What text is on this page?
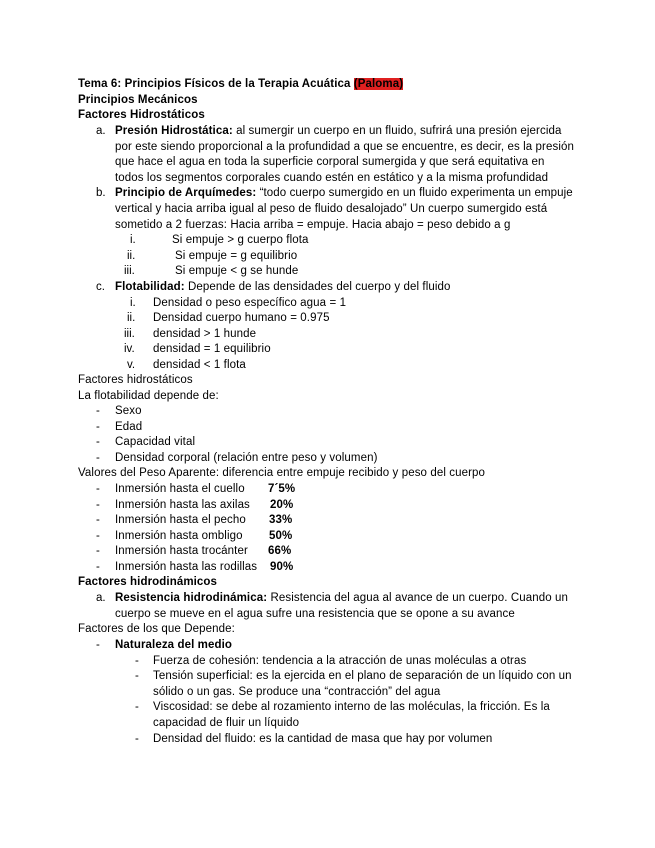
Tema 6: Principios Físicos de la Terapia Acuática (Paloma)
Principios Mecánicos
Factores Hidrostáticos
a. Presión Hidrostática: al sumergir un cuerpo en un fluido, sufrirá una presión ejercida
por este siendo proporcional a la profundidad a que se encuentre, es decir, es la presión
que hace el agua en toda la superficie corporal sumergida y que será equitativa en
todos los segmentos corporales cuando estén en estático y a la misma profundidad
b. Principio de Arquímedes: “todo cuerpo sumergido en un fluido experimenta un empuje
vertical y hacia arriba igual al peso de fluido desalojado” Un cuerpo sumergido está
sometido a 2 fuerzas: Hacia arriba = empuje. Hacia abajo = peso debido a g
i.	Si empuje > g cuerpo flota
ii.	Si empuje = g equilibrio
iii.	Si empuje < g se hunde
c. Flotabilidad: Depende de las densidades del cuerpo y del fluido
i. Densidad o peso específico agua = 1
ii. Densidad cuerpo humano = 0.975
iii. densidad > 1 hunde
iv. densidad = 1 equilibrio
v. densidad < 1 flota
Factores hidrostáticos
La flotabilidad depende de:
- Sexo
- Edad
- Capacidad vital
- Densidad corporal (relación entre peso y volumen)
Valores del Peso Aparente: diferencia entre empuje recibido y peso del cuerpo
- Inmersión hasta el cuello 7´5%
- Inmersión hasta las axilas 20%
- Inmersión hasta el pecho 33%
- Inmersión hasta ombligo 50%
- Inmersión hasta trocánter 66%
- Inmersión hasta las rodillas 90%
Factores hidrodinámicos
a. Resistencia hidrodinámica: Resistencia del agua al avance de un cuerpo. Cuando un
cuerpo se mueve en el agua sufre una resistencia que se opone a su avance
Factores de los que Depende:
- Naturaleza del medio
- Fuerza de cohesión: tendencia a la atracción de unas moléculas a otras
- Tensión superficial: es la ejercida en el plano de separación de un líquido con un
sólido o un gas. Se produce una “contracción” del agua
- Viscosidad: se debe al rozamiento interno de las moléculas, la fricción. Es la
capacidad de fluir un líquido
- Densidad del fluido: es la cantidad de masa que hay por volumen
